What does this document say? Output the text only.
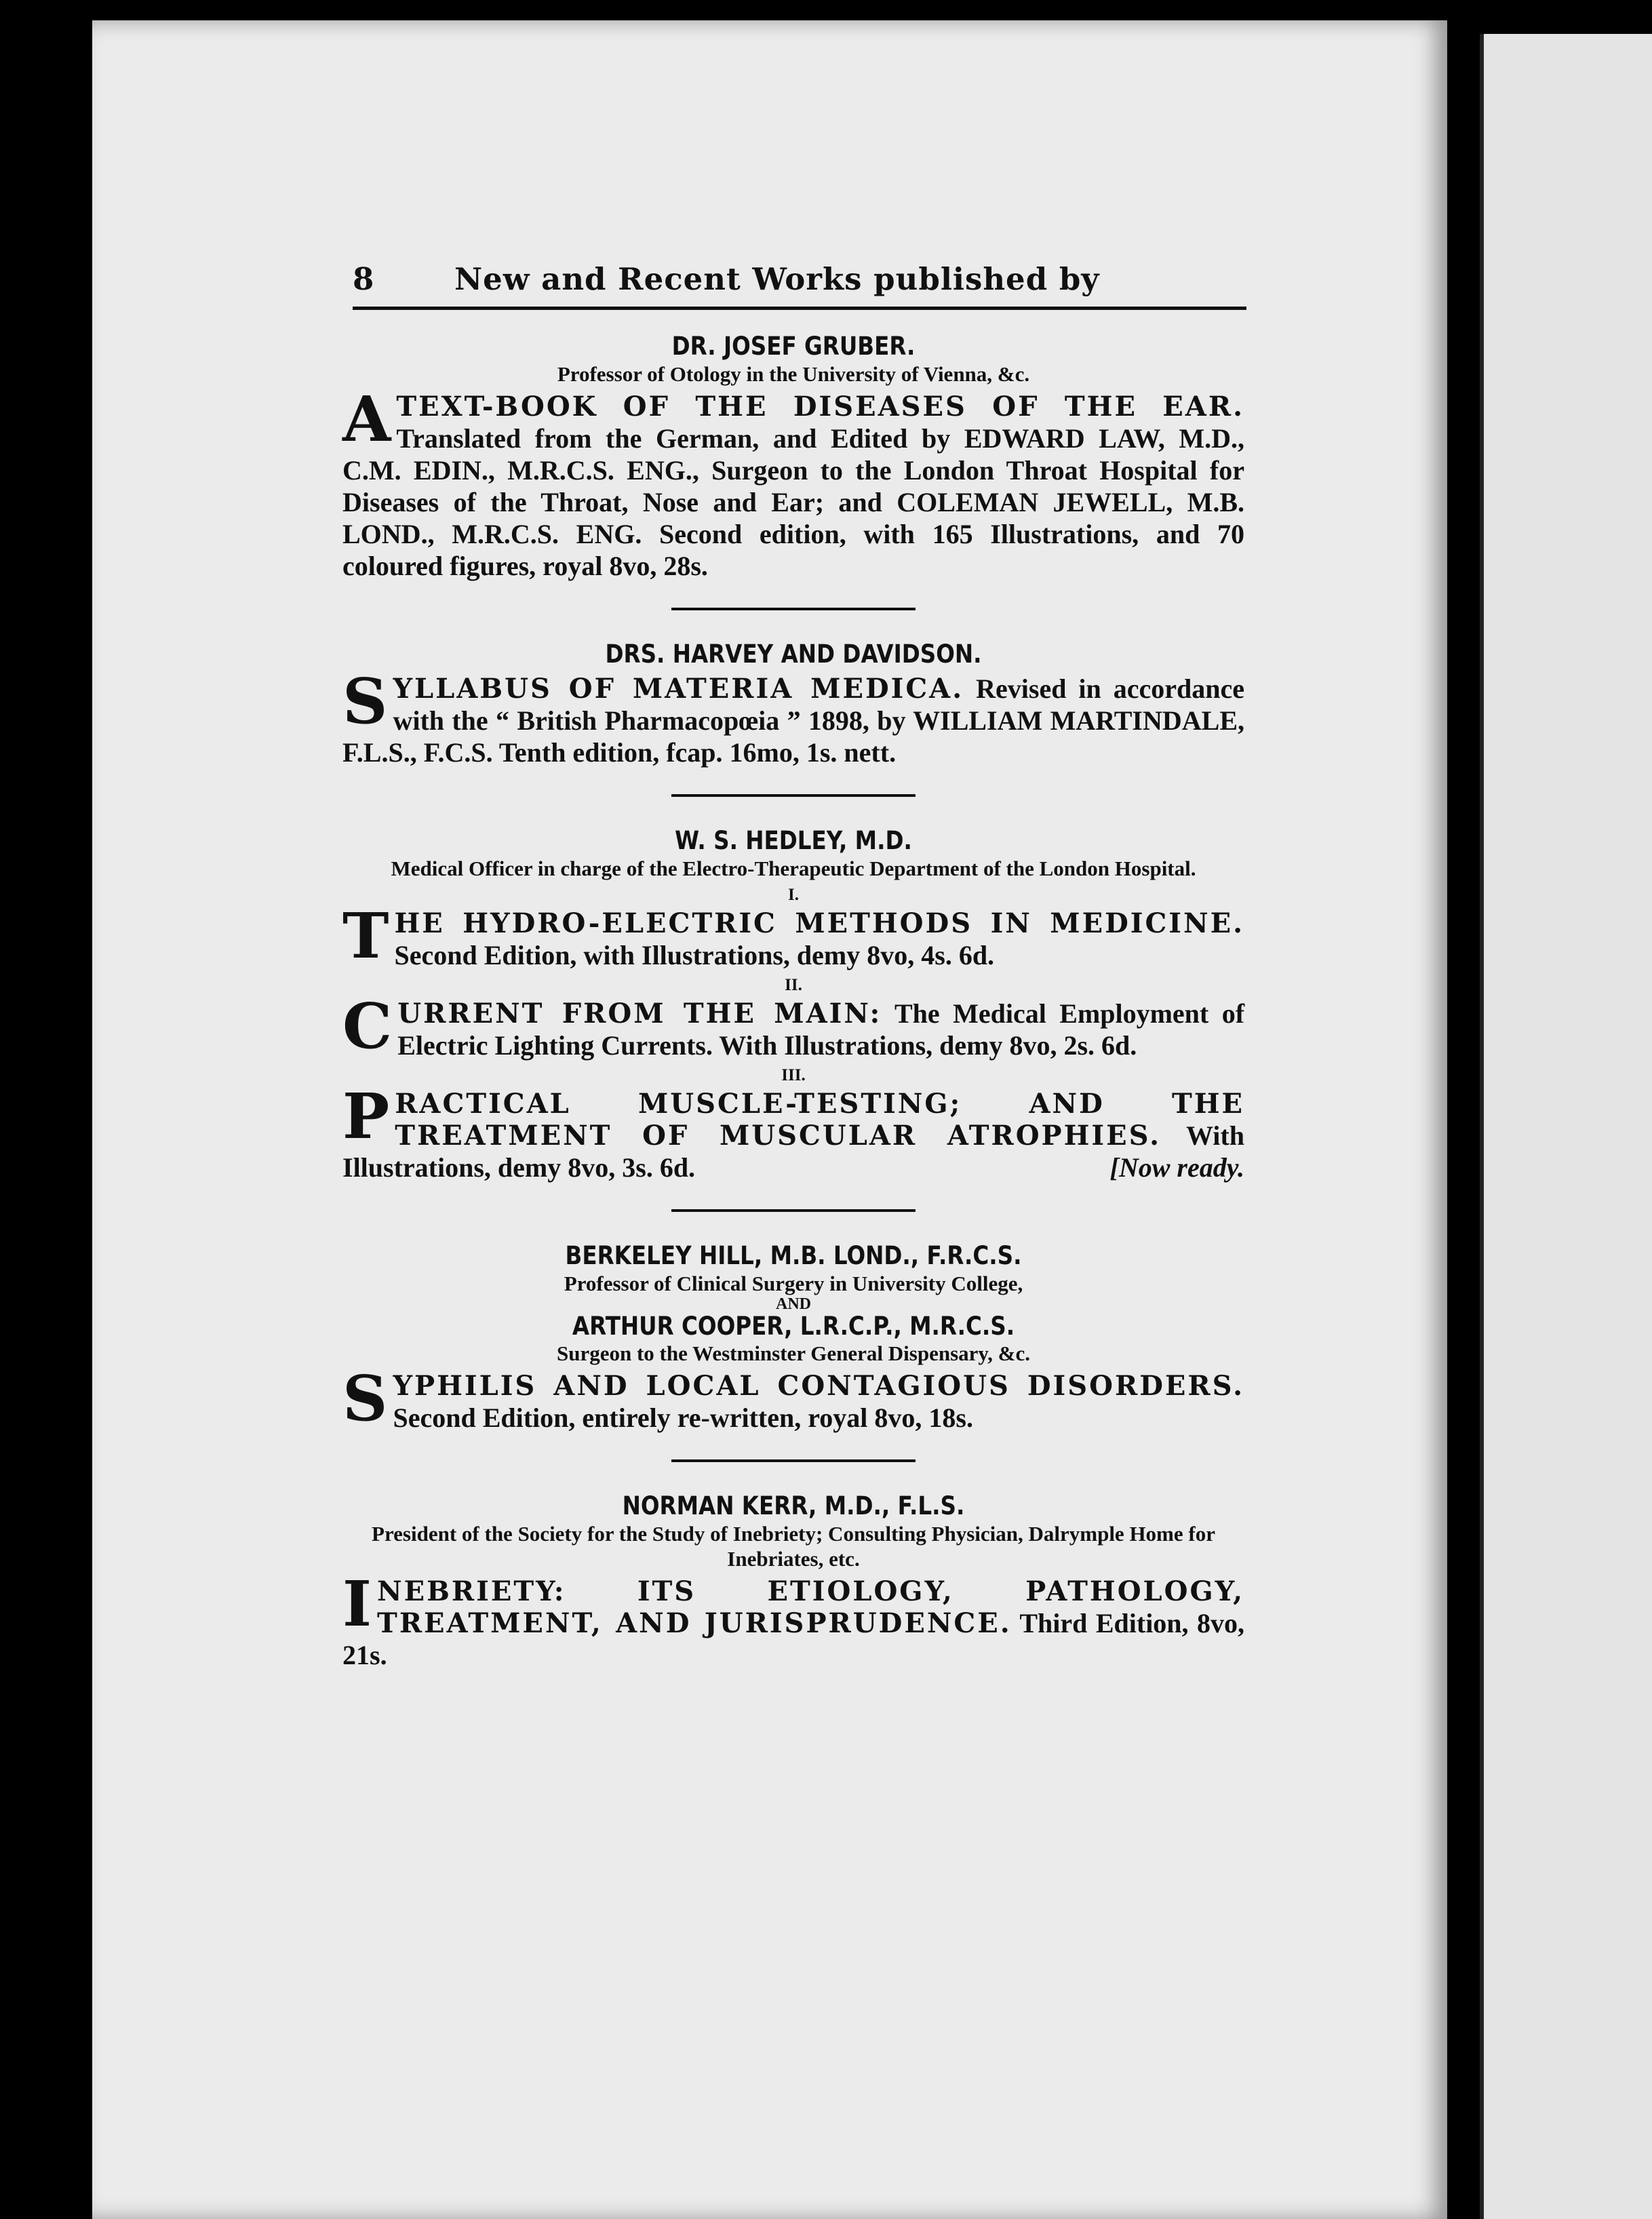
8	New and Recent Works published by

DR. JOSEF GRUBER.

Professor of Otology in the University of Vienna, &c.

A TEXT-BOOK OF THE DISEASES OF THE EAR. Translated from the German, and Edited by EDWARD LAW, M.D., C.M. EDIN., M.R.C.S. ENG., Surgeon to the London Throat Hospital for Diseases of the Throat, Nose and Ear; and COLEMAN JEWELL, M.B. LOND., M.R.C.S. ENG. Second edition, with 165 Illustrations, and 70 coloured figures, royal 8vo, 28s.

DRS. HARVEY AND DAVIDSON.

S YLLABUS OF MATERIA MEDICA. Revised in accordance with the “ British Pharmacopœia ” 1898, by WILLIAM MARTINDALE, F.L.S., F.C.S. Tenth edition, fcap. 16mo, 1s. nett.

W. S. HEDLEY, M.D.

Medical Officer in charge of the Electro-Therapeutic Department of the London Hospital.

I.

T HE HYDRO-ELECTRIC METHODS IN MEDICINE. Second Edition, with Illustrations, demy 8vo, 4s. 6d.

II.

C URRENT FROM THE MAIN: The Medical Employment of Electric Lighting Currents. With Illustrations, demy 8vo, 2s. 6d.

III.

P RACTICAL MUSCLE-TESTING; AND THE TREATMENT OF MUSCULAR ATROPHIES. With Illustrations, demy 8vo, 3s. 6d.	[Now ready.

BERKELEY HILL, M.B. LOND., F.R.C.S.

Professor of Clinical Surgery in University College,

AND

ARTHUR COOPER, L.R.C.P., M.R.C.S.

Surgeon to the Westminster General Dispensary, &c.

S YPHILIS AND LOCAL CONTAGIOUS DISORDERS. Second Edition, entirely re-written, royal 8vo, 18s.

NORMAN KERR, M.D., F.L.S.

President of the Society for the Study of Inebriety; Consulting Physician, Dalrymple Home for Inebriates, etc.

I NEBRIETY: ITS ETIOLOGY, PATHOLOGY, TREATMENT, AND JURISPRUDENCE. Third Edition, 8vo, 21s.
